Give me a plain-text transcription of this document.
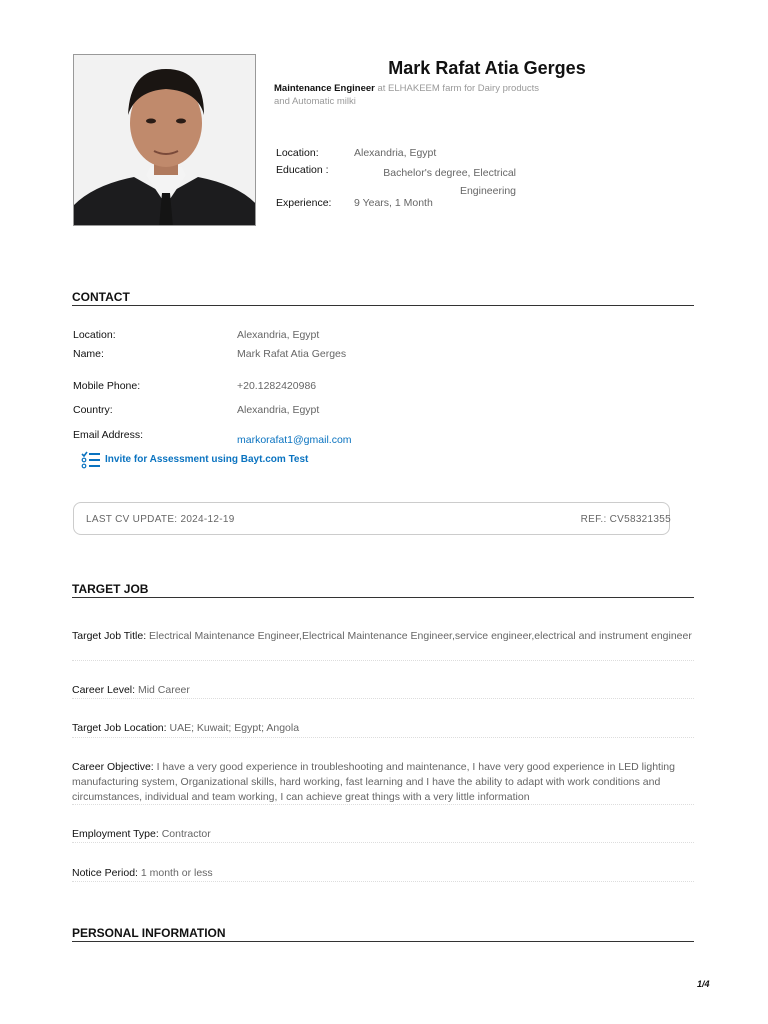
Mark Rafat Atia Gerges
Maintenance Engineer at ELHAKEEM farm for Dairy products and Automatic milki
Location:	Alexandria, Egypt
Education :	Bachelor's degree, Electrical Engineering
Experience: 9 Years, 1 Month
CONTACT
Location:	Alexandria, Egypt
Name:	Mark Rafat Atia Gerges
Mobile Phone:	+20.1282420986
Country:	Alexandria, Egypt
Email Address:	markorafat1@gmail.com
Invite for Assessment using Bayt.com Test
LAST CV UPDATE: 2024-12-19	REF.: CV58321355
TARGET JOB
Target Job Title: Electrical Maintenance Engineer,Electrical Maintenance Engineer,service engineer,electrical and instrument engineer
Career Level: Mid Career
Target Job Location: UAE; Kuwait; Egypt; Angola
Career Objective: I have a very good experience in troubleshooting and maintenance, I have very good experience in LED lighting manufacturing system, Organizational skills, hard working, fast learning and I have the ability to adapt with work conditions and circumstances, individual and team working, I can achieve great things with a very little information
Employment Type: Contractor
Notice Period: 1 month or less
PERSONAL INFORMATION
1/4
